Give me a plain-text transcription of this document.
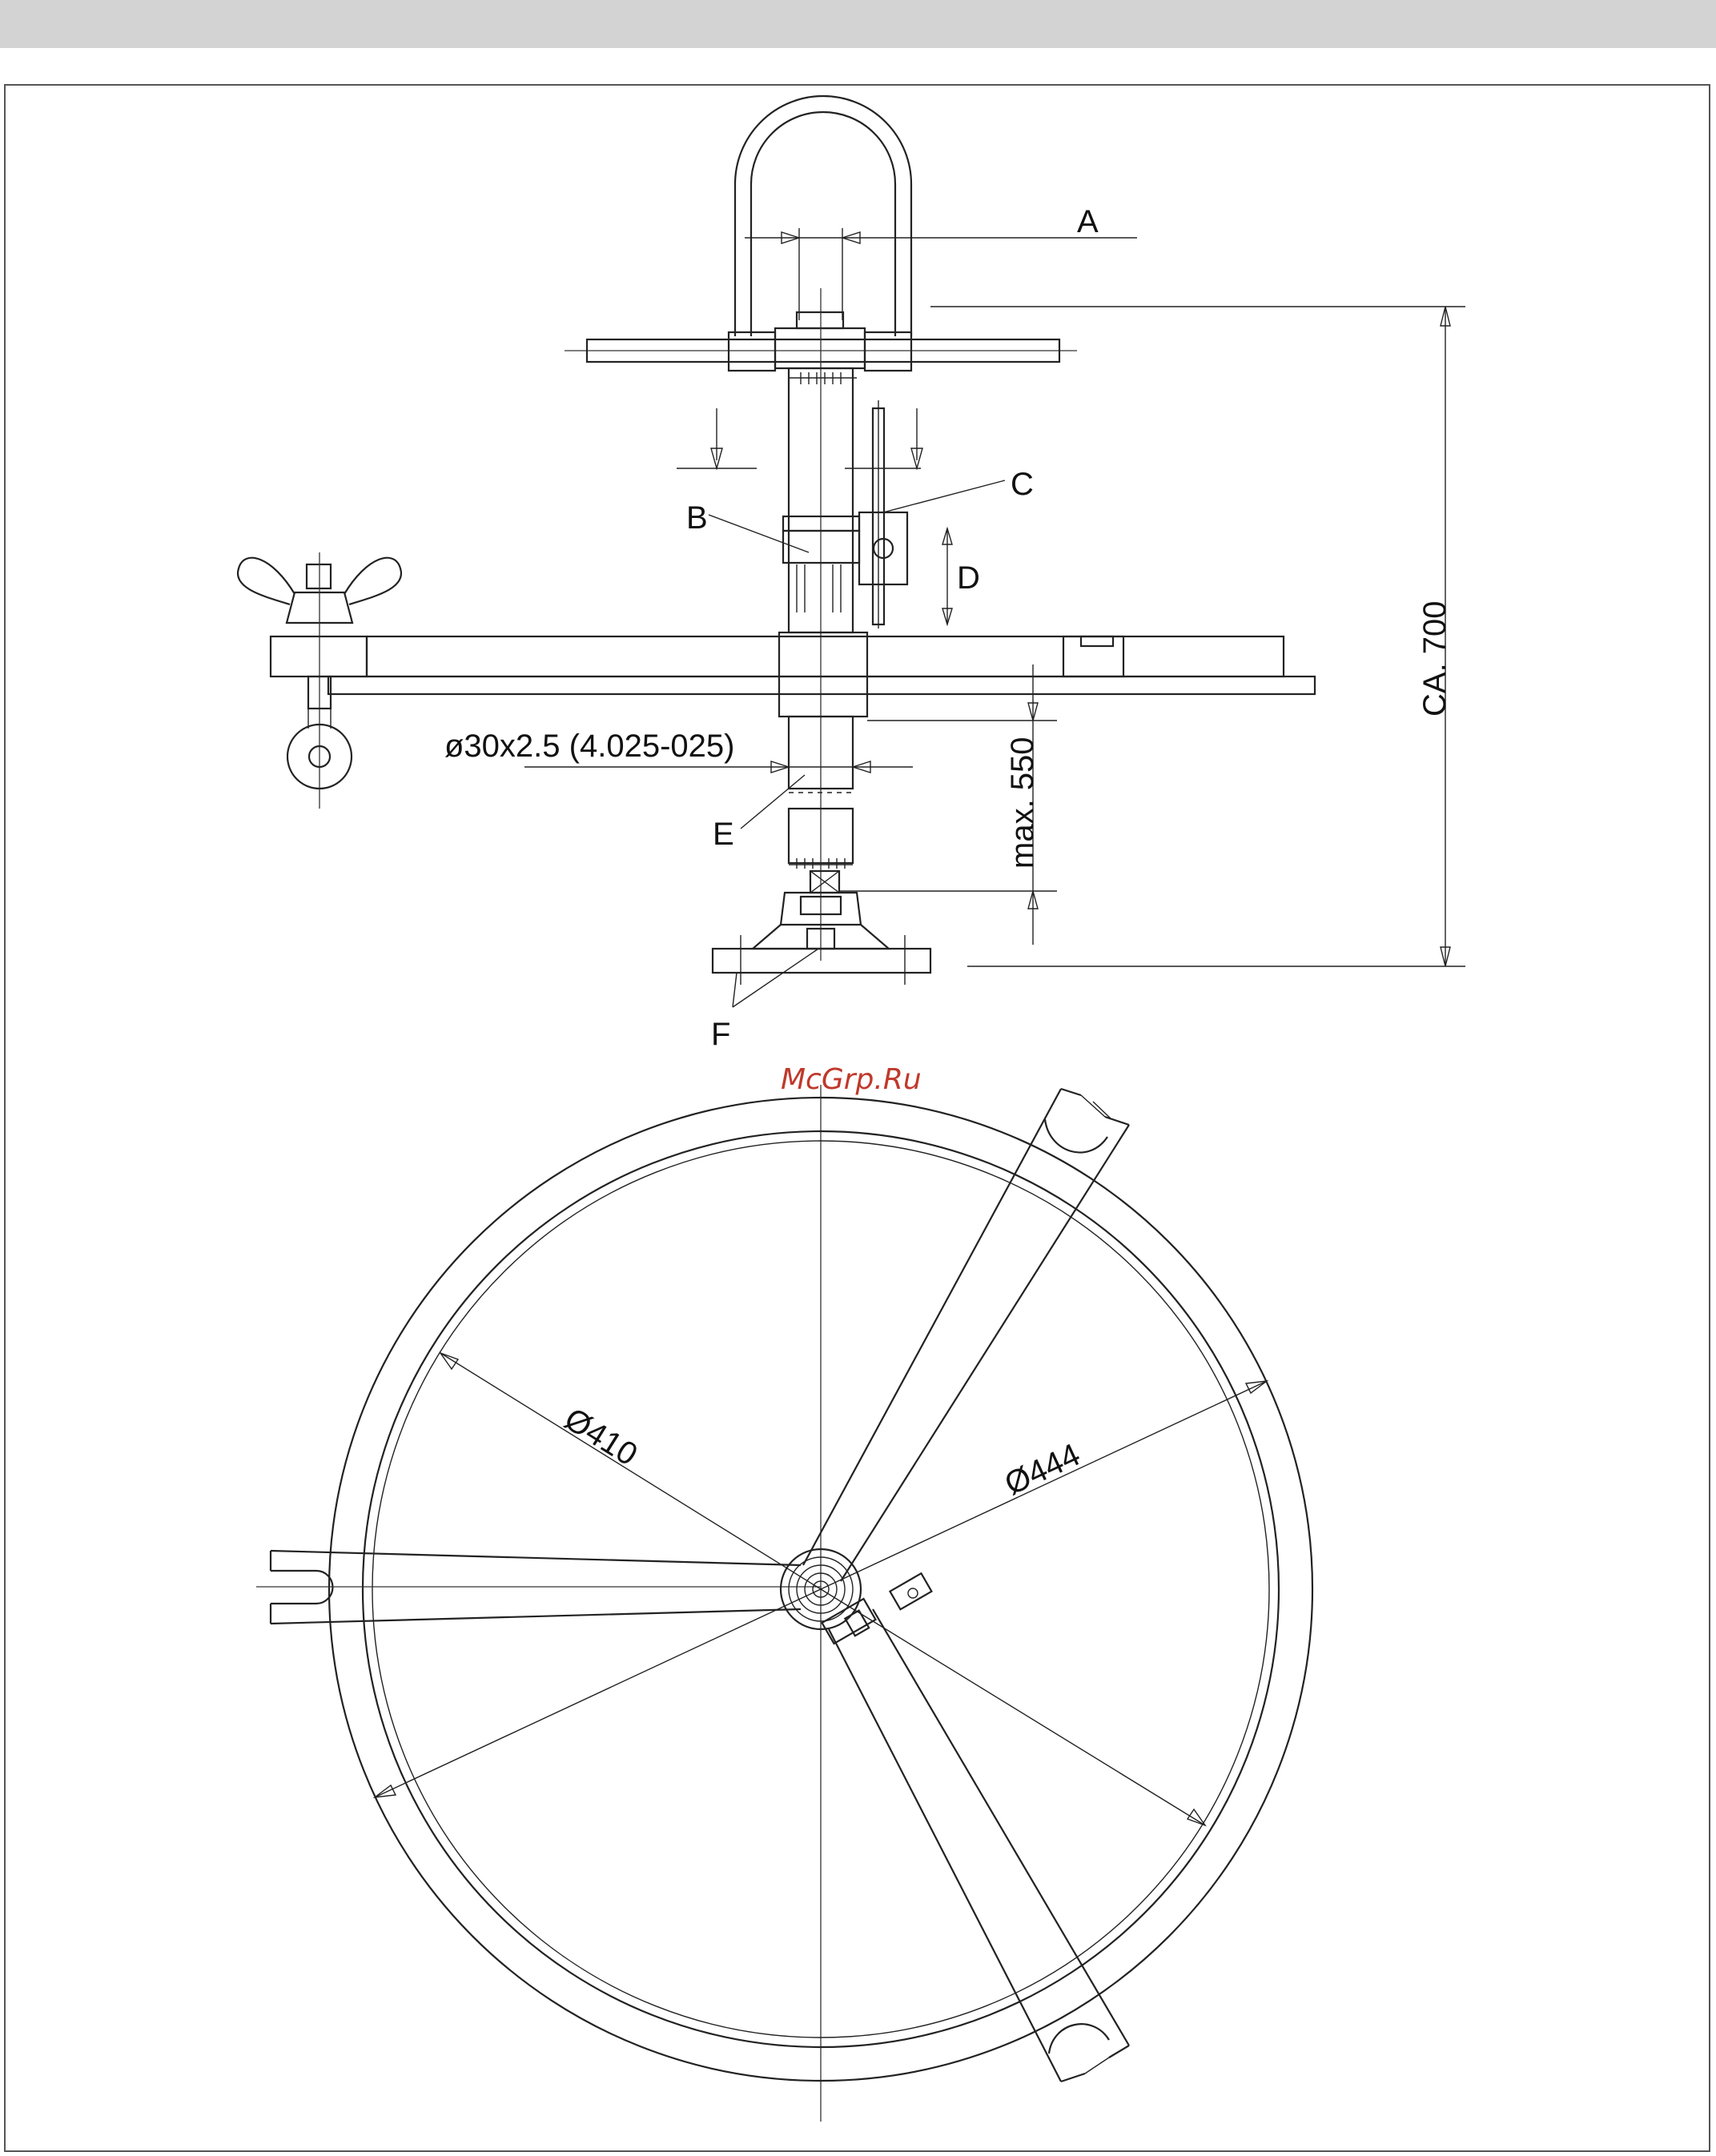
A
D
B
C
ø30x2.5 (4.025-025)
E
F
max. 550
CA. 700
Ø410	Ø444
McGrp.Ru
